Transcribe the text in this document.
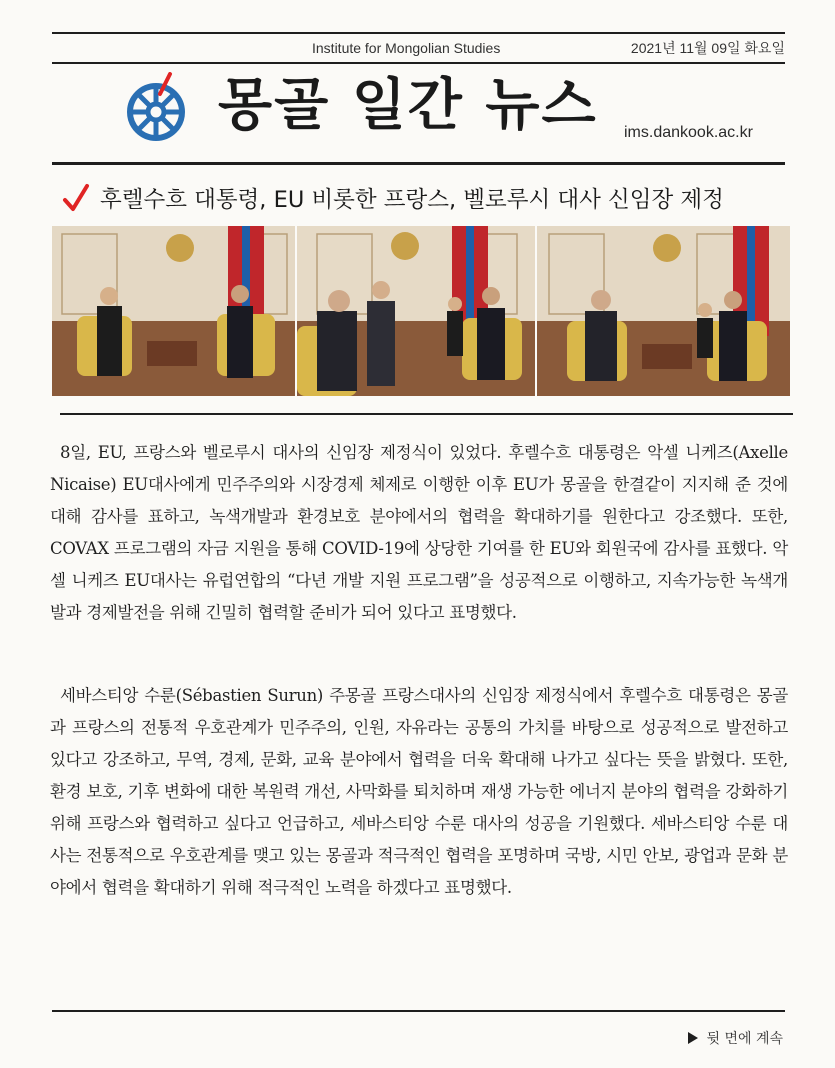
Institute for Mongolian Studies	2021년 11월 09일 화요일
몽골 일간 뉴스 ims.dankook.ac.kr
후렐수흐 대통령, EU 비롯한 프랑스, 벨로루시 대사 신임장 제정
8일, EU, 프랑스와 벨로루시 대사의 신임장 제정식이 있었다. 후렐수흐 대통령은 악셀 니케즈(Axelle Nicaise) EU대사에게 민주주의와 시장경제 체제로 이행한 이후 EU가 몽골을 한결같이 지지해 준 것에 대해 감사를 표하고, 녹색개발과 환경보호 분야에서의 협력을 확대하기를 원한다고 강조했다. 또한, COVAX 프로그램의 자금 지원을 통해 COVID-19에 상당한 기여를 한 EU와 회원국에 감사를 표했다. 악셀 니케즈 EU대사는 유럽연합의 “다년 개발 지원 프로그램”을 성공적으로 이행하고, 지속가능한 녹색개발과 경제발전을 위해 긴밀히 협력할 준비가 되어 있다고 표명했다.
세바스티앙 수룬(Sébastien Surun) 주몽골 프랑스대사의 신임장 제정식에서 후렐수흐 대통령은 몽골과 프랑스의 전통적 우호관계가 민주주의, 인원, 자유라는 공통의 가치를 바탕으로 성공적으로 발전하고 있다고 강조하고, 무역, 경제, 문화, 교육 분야에서 협력을 더욱 확대해 나가고 싶다는 뜻을 밝혔다. 또한, 환경 보호, 기후 변화에 대한 복원력 개선, 사막화를 퇴치하며 재생 가능한 에너지 분야의 협력을 강화하기 위해 프랑스와 협력하고 싶다고 언급하고, 세바스티앙 수룬 대사의 성공을 기원했다. 세바스티앙 수룬 대사는 전통적으로 우호관계를 맺고 있는 몽골과 적극적인 협력을 포명하며 국방, 시민 안보, 광업과 문화 분야에서 협력을 확대하기 위해 적극적인 노력을 하겠다고 표명했다.
뒷 면에 계속
